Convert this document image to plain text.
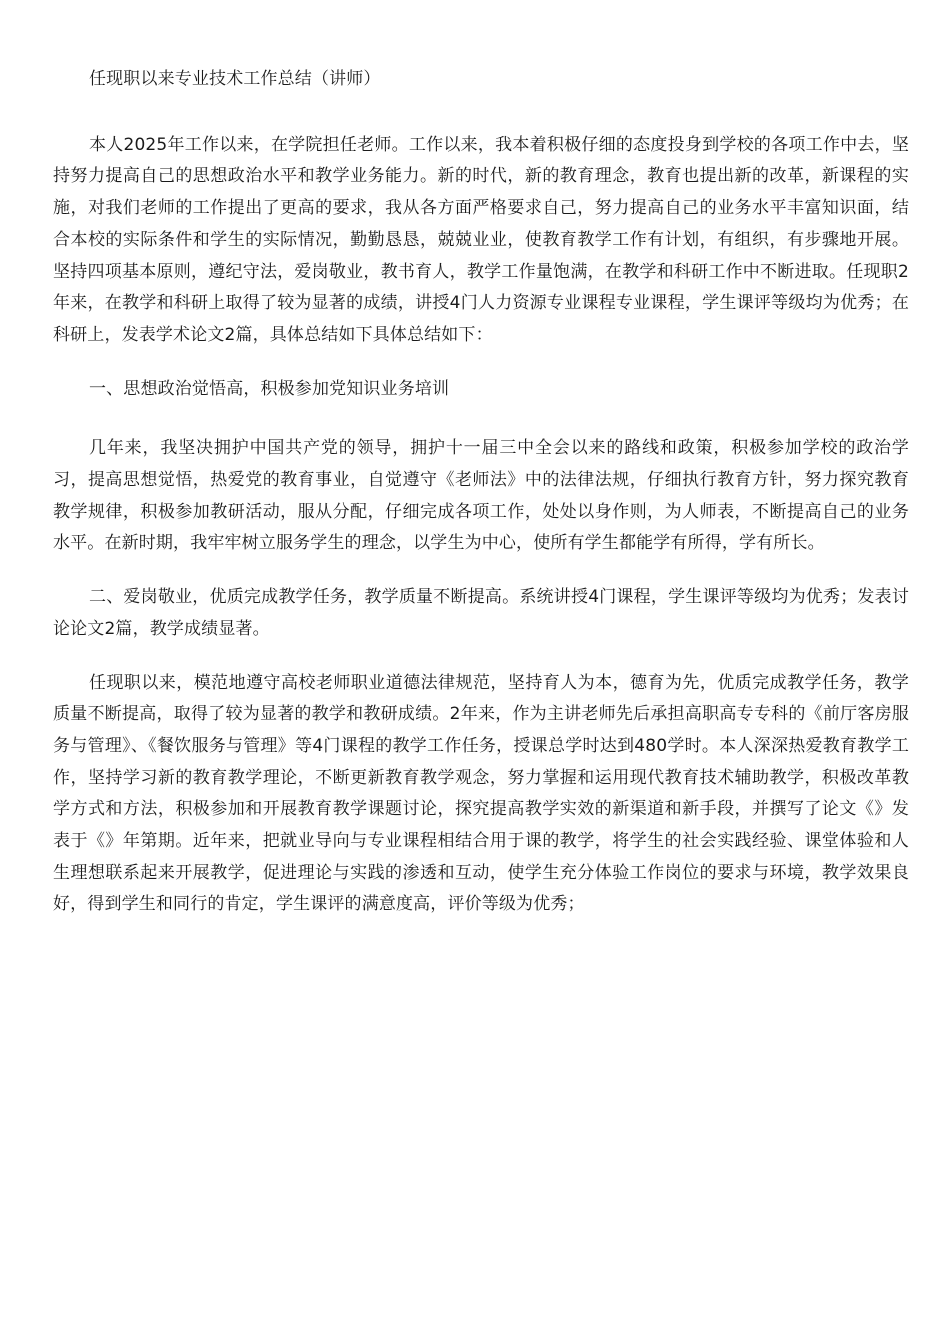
任现职以来专业技术工作总结（讲师）

本人2025年工作以来，在学院担任老师。工作以来，我本着积极仔细的态度投身到学校的各项工作中去，坚持努力提高自己的思想政治水平和教学业务能力。新的时代，新的教育理念，教育也提出新的改革，新课程的实施，对我们老师的工作提出了更高的要求，我从各方面严格要求自己，努力提高自己的业务水平丰富知识面，结合本校的实际条件和学生的实际情况，勤勤恳恳，兢兢业业，使教育教学工作有计划，有组织，有步骤地开展。坚持四项基本原则，遵纪守法，爱岗敬业，教书育人，教学工作量饱满，在教学和科研工作中不断进取。任现职2年来，在教学和科研上取得了较为显著的成绩，讲授4门人力资源专业课程专业课程，学生课评等级均为优秀；在科研上，发表学术论文2篇，具体总结如下具体总结如下：

一、思想政治觉悟高，积极参加党知识业务培训

几年来，我坚决拥护中国共产党的领导，拥护十一届三中全会以来的路线和政策，积极参加学校的政治学习，提高思想觉悟，热爱党的教育事业，自觉遵守《老师法》中的法律法规，仔细执行教育方针，努力探究教育教学规律，积极参加教研活动，服从分配，仔细完成各项工作，处处以身作则，为人师表，不断提高自己的业务水平。在新时期，我牢牢树立服务学生的理念，以学生为中心，使所有学生都能学有所得，学有所长。

二、爱岗敬业，优质完成教学任务，教学质量不断提高。系统讲授4门课程，学生课评等级均为优秀；发表讨论论文2篇，教学成绩显著。

任现职以来，模范地遵守高校老师职业道德法律规范，坚持育人为本，德育为先，优质完成教学任务，教学质量不断提高，取得了较为显著的教学和教研成绩。2年来，作为主讲老师先后承担高职高专专科的《前厅客房服务与管理》、《餐饮服务与管理》等4门课程的教学工作任务，授课总学时达到480学时。本人深深热爱教育教学工作，坚持学习新的教育教学理论，不断更新教育教学观念，努力掌握和运用现代教育技术辅助教学，积极改革教学方式和方法，积极参加和开展教育教学课题讨论，探究提高教学实效的新渠道和新手段，并撰写了论文《》发表于《》年第期。近年来，把就业导向与专业课程相结合用于课的教学，将学生的社会实践经验、课堂体验和人生理想联系起来开展教学，促进理论与实践的渗透和互动，使学生充分体验工作岗位的要求与环境，教学效果良好，得到学生和同行的肯定，学生课评的满意度高，评价等级为优秀；
